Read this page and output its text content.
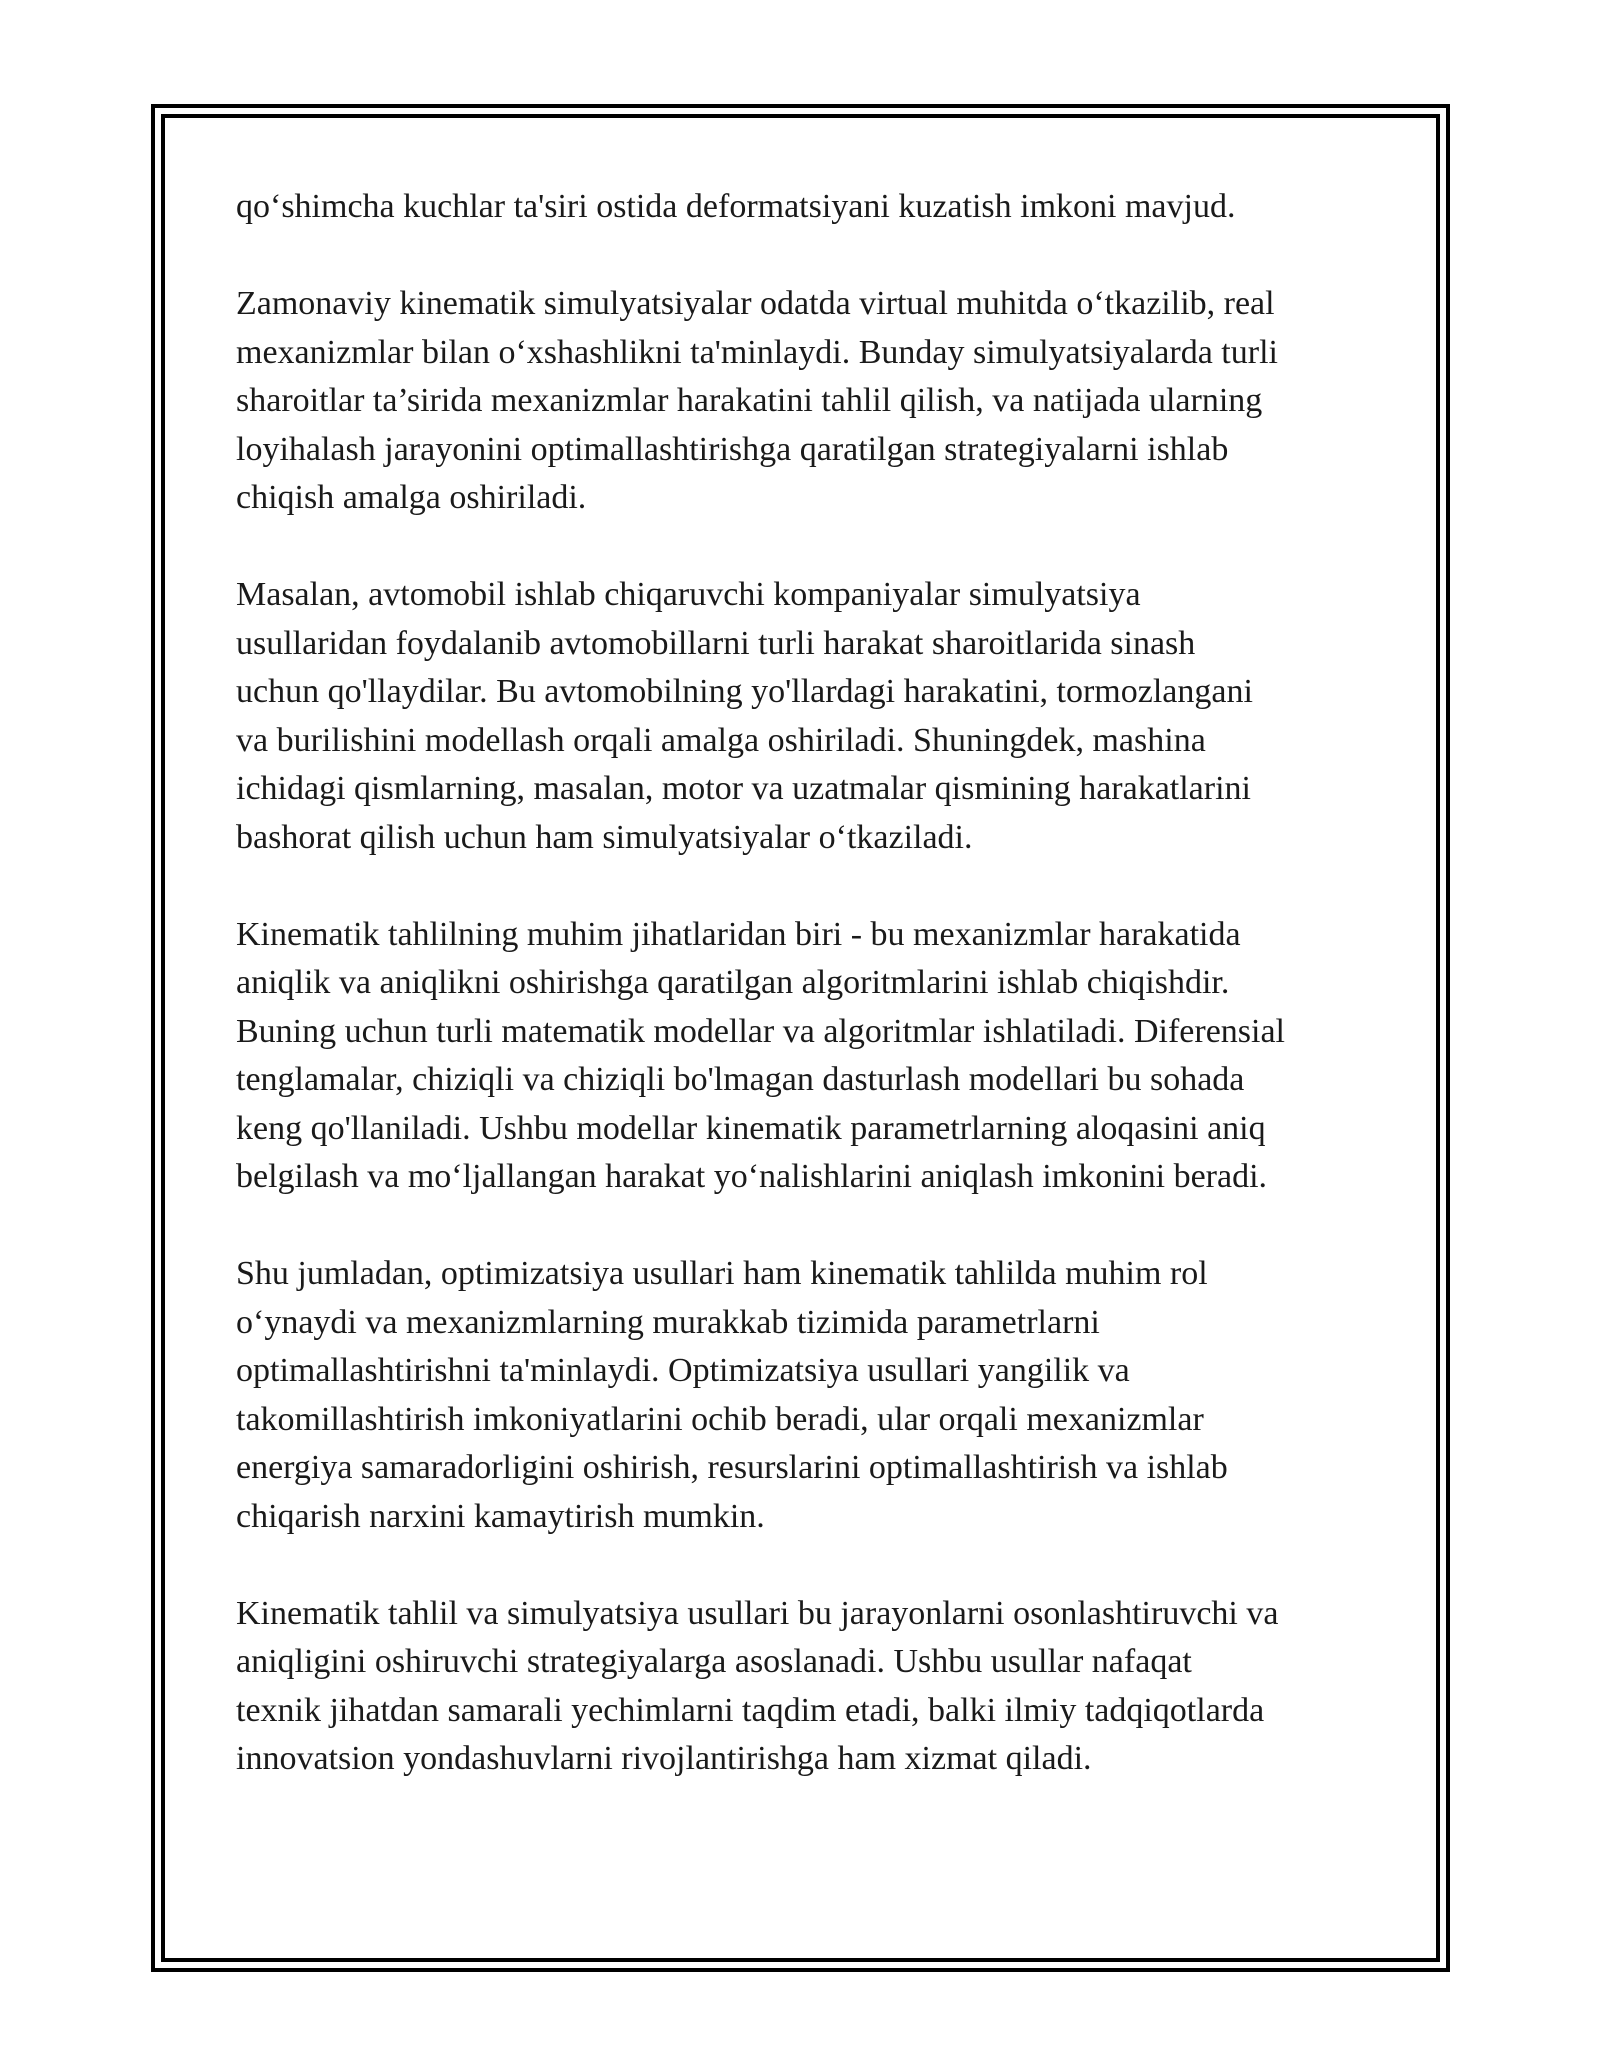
qo‘shimcha kuchlar ta'siri ostida deformatsiyani kuzatish imkoni mavjud.

Zamonaviy kinematik simulyatsiyalar odatda virtual muhitda o‘tkazilib, real
mexanizmlar bilan o‘xshashlikni ta'minlaydi. Bunday simulyatsiyalarda turli
sharoitlar ta’sirida mexanizmlar harakatini tahlil qilish, va natijada ularning
loyihalash jarayonini optimallashtirishga qaratilgan strategiyalarni ishlab
chiqish amalga oshiriladi.

Masalan, avtomobil ishlab chiqaruvchi kompaniyalar simulyatsiya
usullaridan foydalanib avtomobillarni turli harakat sharoitlarida sinash
uchun qo'llaydilar. Bu avtomobilning yo'llardagi harakatini, tormozlangani
va burilishini modellash orqali amalga oshiriladi. Shuningdek, mashina
ichidagi qismlarning, masalan, motor va uzatmalar qismining harakatlarini
bashorat qilish uchun ham simulyatsiyalar o‘tkaziladi.

Kinematik tahlilning muhim jihatlaridan biri - bu mexanizmlar harakatida
aniqlik va aniqlikni oshirishga qaratilgan algoritmlarini ishlab chiqishdir.
Buning uchun turli matematik modellar va algoritmlar ishlatiladi. Diferensial
tenglamalar, chiziqli va chiziqli bo'lmagan dasturlash modellari bu sohada
keng qo'llaniladi. Ushbu modellar kinematik parametrlarning aloqasini aniq
belgilash va mo‘ljallangan harakat yo‘nalishlarini aniqlash imkonini beradi.

Shu jumladan, optimizatsiya usullari ham kinematik tahlilda muhim rol
o‘ynaydi va mexanizmlarning murakkab tizimida parametrlarni
optimallashtirishni ta'minlaydi. Optimizatsiya usullari yangilik va
takomillashtirish imkoniyatlarini ochib beradi, ular orqali mexanizmlar
energiya samaradorligini oshirish, resurslarini optimallashtirish va ishlab
chiqarish narxini kamaytirish mumkin.

Kinematik tahlil va simulyatsiya usullari bu jarayonlarni osonlashtiruvchi va
aniqligini oshiruvchi strategiyalarga asoslanadi. Ushbu usullar nafaqat
texnik jihatdan samarali yechimlarni taqdim etadi, balki ilmiy tadqiqotlarda
innovatsion yondashuvlarni rivojlantirishga ham xizmat qiladi.
